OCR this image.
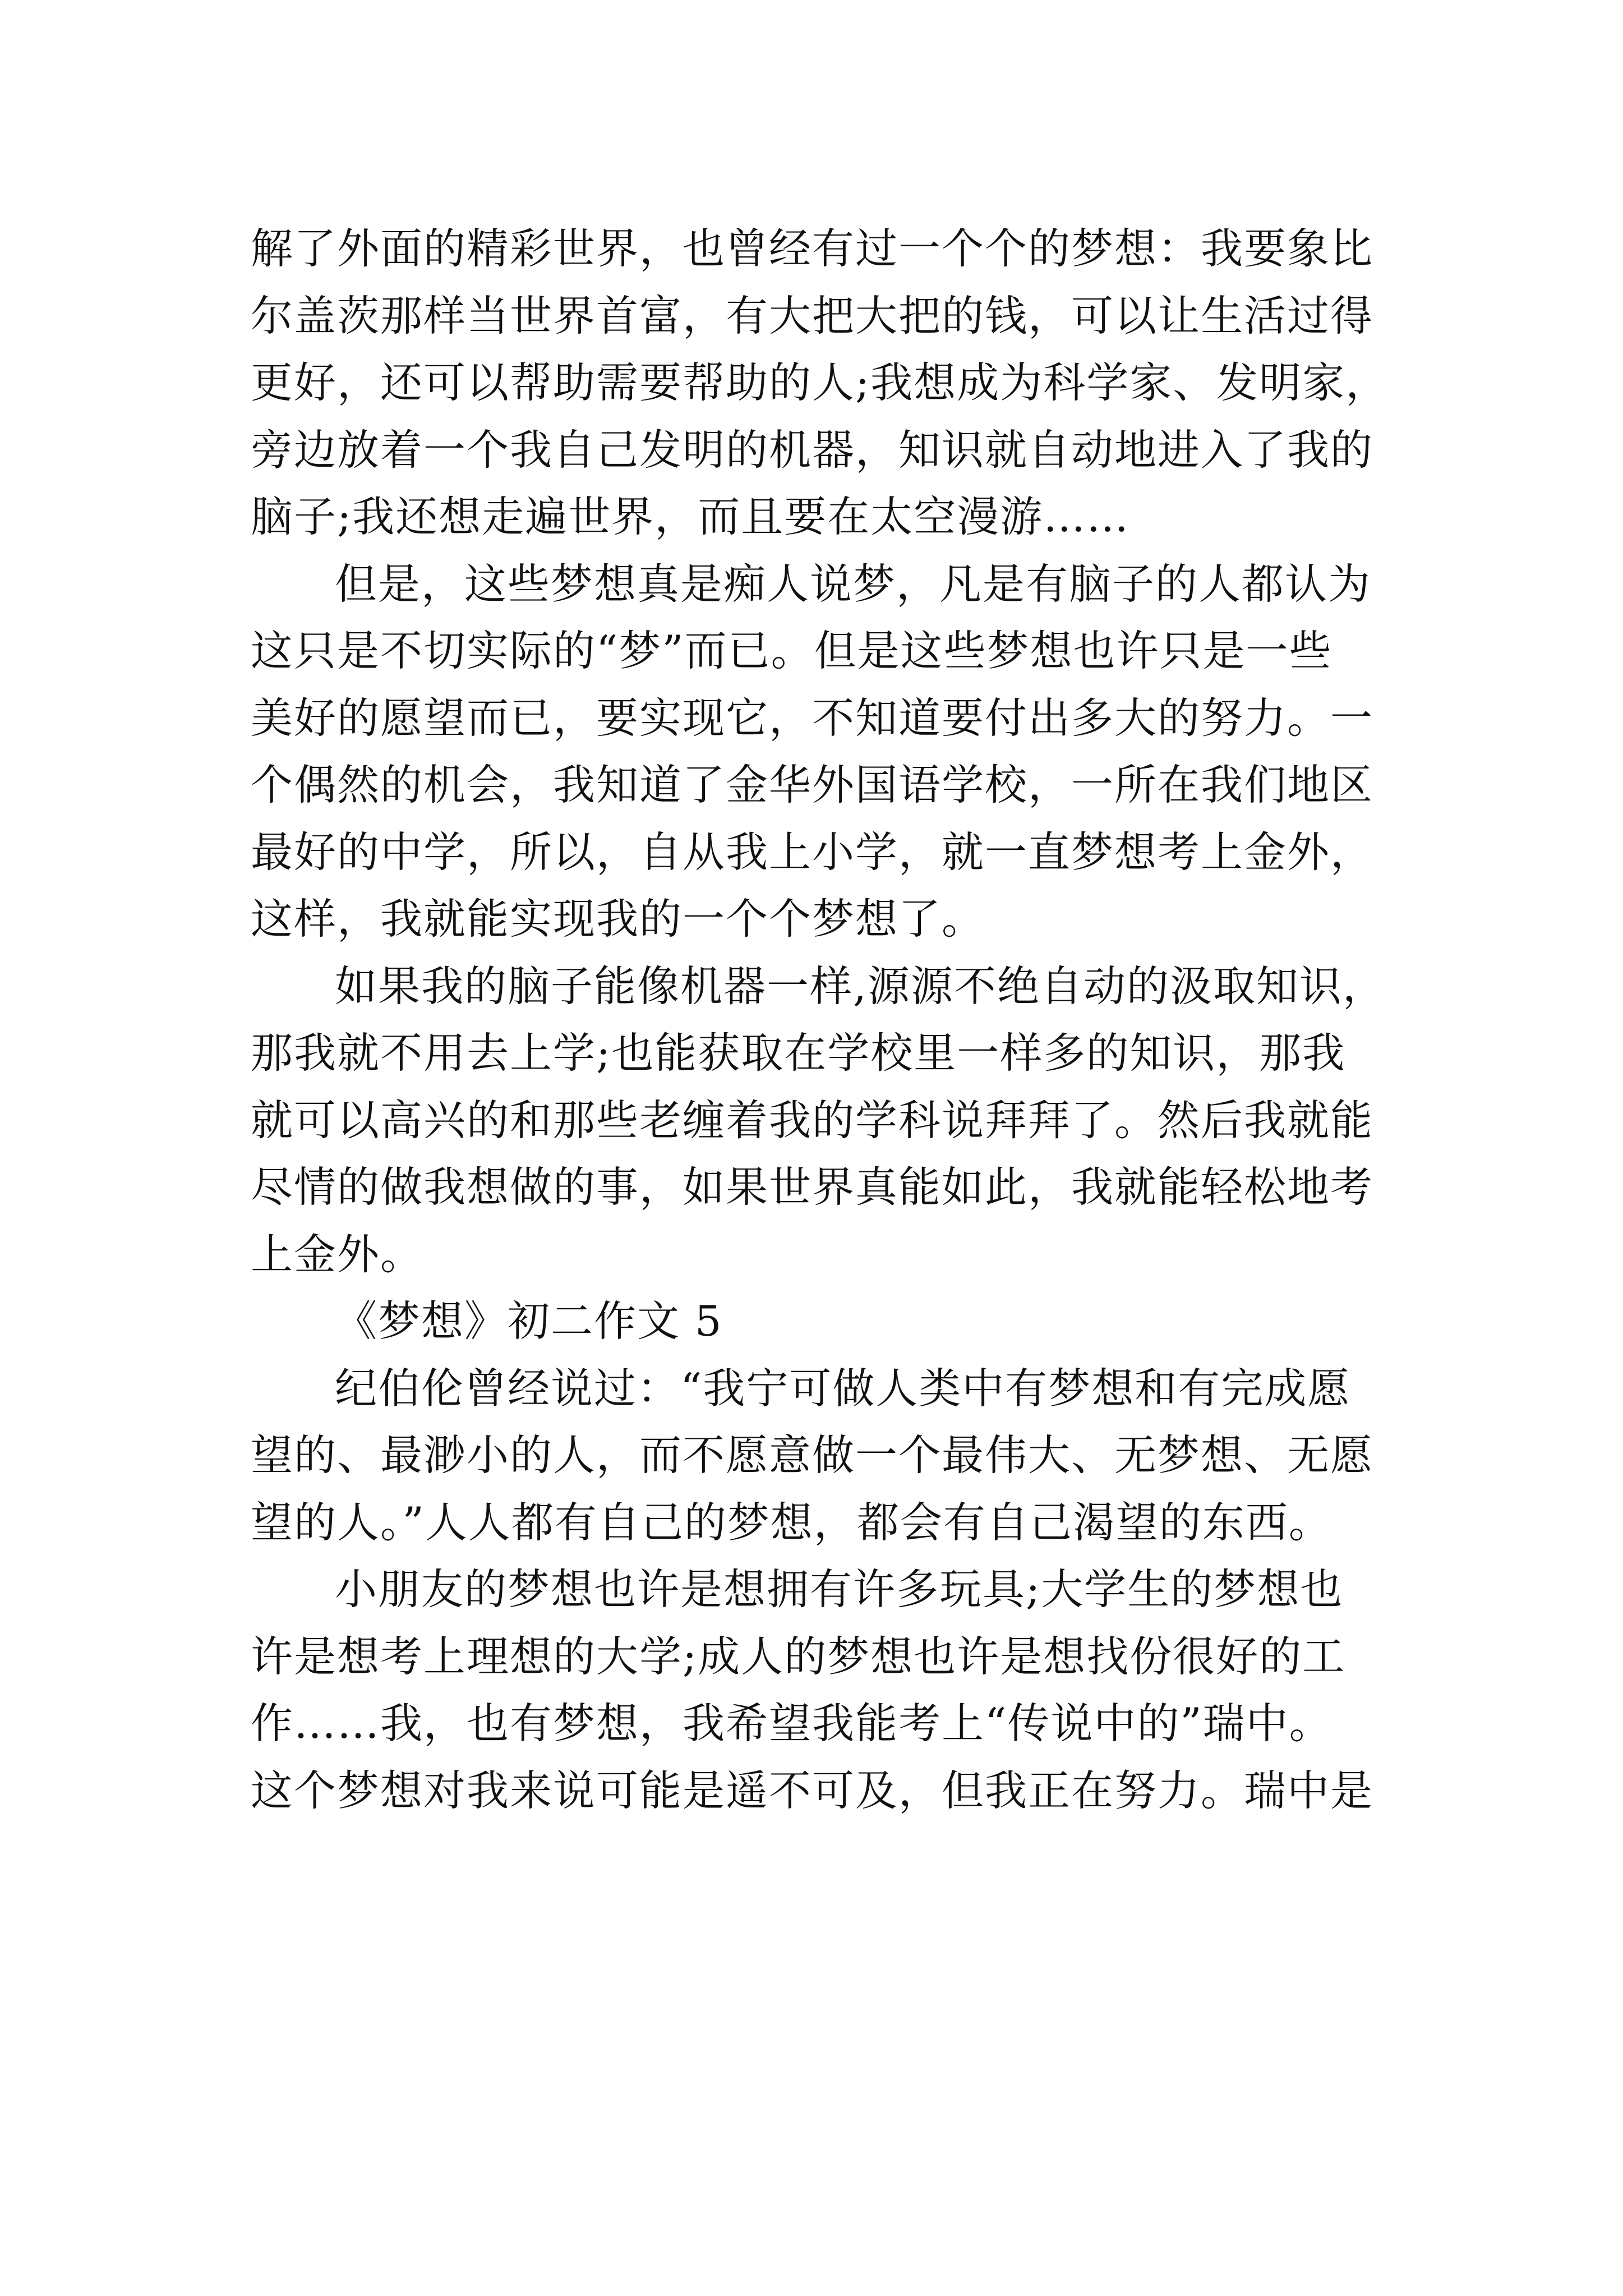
解了外面的精彩世界，也曾经有过一个个的梦想：我要象比
尔盖茨那样当世界首富，有大把大把的钱，可以让生活过得
更好，还可以帮助需要帮助的人;我想成为科学家、发明家，
旁边放着一个我自己发明的机器，知识就自动地进入了我的
脑子;我还想走遍世界，而且要在太空漫游……
但是，这些梦想真是痴人说梦，凡是有脑子的人都认为
这只是不切实际的“梦”而已。但是这些梦想也许只是一些
美好的愿望而已，要实现它，不知道要付出多大的努力。一
个偶然的机会，我知道了金华外国语学校，一所在我们地区
最好的中学，所以，自从我上小学，就一直梦想考上金外，
这样，我就能实现我的一个个梦想了。
如果我的脑子能像机器一样,源源不绝自动的汲取知识，
那我就不用去上学;也能获取在学校里一样多的知识，那我
就可以高兴的和那些老缠着我的学科说拜拜了。然后我就能
尽情的做我想做的事，如果世界真能如此，我就能轻松地考
上金外。
《梦想》初二作文 5
纪伯伦曾经说过：“我宁可做人类中有梦想和有完成愿
望的、最渺小的人，而不愿意做一个最伟大、无梦想、无愿
望的人。”人人都有自己的梦想，都会有自己渴望的东西。
小朋友的梦想也许是想拥有许多玩具;大学生的梦想也
许是想考上理想的大学;成人的梦想也许是想找份很好的工
作……我，也有梦想，我希望我能考上“传说中的”瑞中。
这个梦想对我来说可能是遥不可及，但我正在努力。瑞中是
